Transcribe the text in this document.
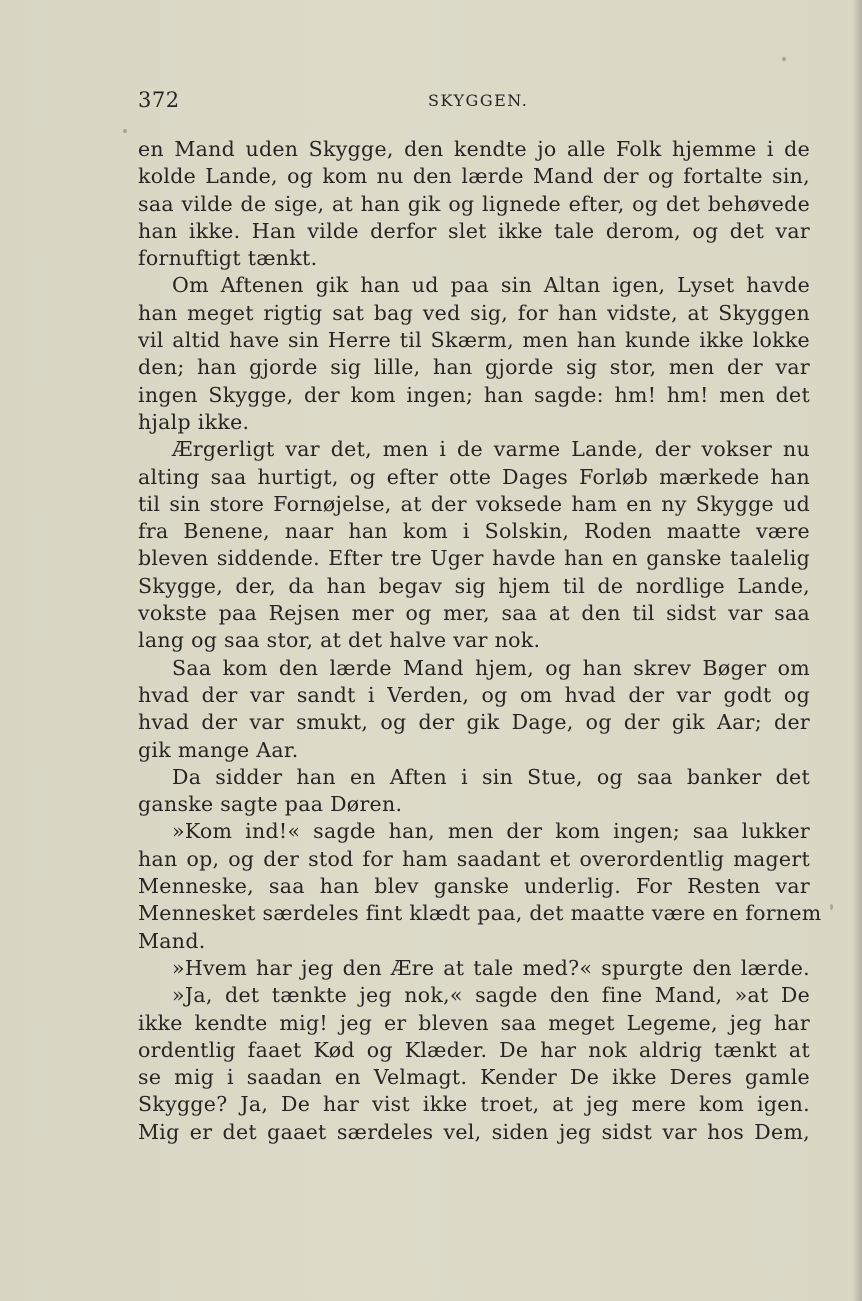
372	SKYGGEN.
en Mand uden Skygge, den kendte jo alle Folk hjemme i de
kolde Lande, og kom nu den lærde Mand der og fortalte sin,
saa vilde de sige, at han gik og lignede efter, og det behøvede
han ikke. Han vilde derfor slet ikke tale derom, og det var
fornuftigt tænkt.
Om Aftenen gik han ud paa sin Altan igen, Lyset havde
han meget rigtig sat bag ved sig, for han vidste, at Skyggen
vil altid have sin Herre til Skærm, men han kunde ikke lokke
den; han gjorde sig lille, han gjorde sig stor, men der var
ingen Skygge, der kom ingen; han sagde: hm! hm! men det
hjalp ikke.
Ærgerligt var det, men i de varme Lande, der vokser nu
alting saa hurtigt, og efter otte Dages Forløb mærkede han
til sin store Fornøjelse, at der voksede ham en ny Skygge ud
fra Benene, naar han kom i Solskin, Roden maatte være
bleven siddende. Efter tre Uger havde han en ganske taalelig
Skygge, der, da han begav sig hjem til de nordlige Lande,
vokste paa Rejsen mer og mer, saa at den til sidst var saa
lang og saa stor, at det halve var nok.
Saa kom den lærde Mand hjem, og han skrev Bøger om
hvad der var sandt i Verden, og om hvad der var godt og
hvad der var smukt, og der gik Dage, og der gik Aar; der
gik mange Aar.
Da sidder han en Aften i sin Stue, og saa banker det
ganske sagte paa Døren.
»Kom ind!« sagde han, men der kom ingen; saa lukker
han op, og der stod for ham saadant et overordentlig magert
Menneske, saa han blev ganske underlig. For Resten var
Mennesket særdeles fint klædt paa, det maatte være en fornem
Mand.
»Hvem har jeg den Ære at tale med?« spurgte den lærde.
»Ja, det tænkte jeg nok,« sagde den fine Mand, »at De
ikke kendte mig! jeg er bleven saa meget Legeme, jeg har
ordentlig faaet Kød og Klæder. De har nok aldrig tænkt at
se mig i saadan en Velmagt. Kender De ikke Deres gamle
Skygge? Ja, De har vist ikke troet, at jeg mere kom igen.
Mig er det gaaet særdeles vel, siden jeg sidst var hos Dem,
